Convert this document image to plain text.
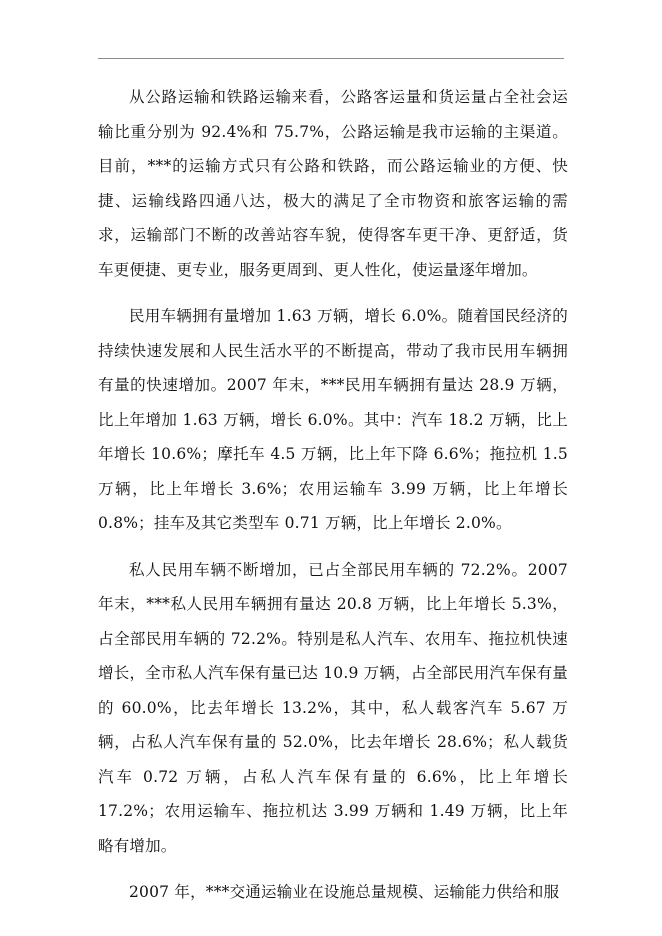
从公路运输和铁路运输来看，公路客运量和货运量占全社会运输比重分别为 92.4%和 75.7%，公路运输是我市运输的主渠道。目前，***的运输方式只有公路和铁路，而公路运输业的方便、快捷、运输线路四通八达，极大的满足了全市物资和旅客运输的需求，运输部门不断的改善站容车貌，使得客车更干净、更舒适，货车更便捷、更专业，服务更周到、更人性化，使运量逐年增加。

民用车辆拥有量增加 1.63 万辆，增长 6.0%。随着国民经济的持续快速发展和人民生活水平的不断提高，带动了我市民用车辆拥有量的快速增加。2007 年末，***民用车辆拥有量达 28.9 万辆，比上年增加 1.63 万辆，增长 6.0%。其中：汽车 18.2 万辆，比上年增长 10.6%；摩托车 4.5 万辆，比上年下降 6.6%；拖拉机 1.5 万辆，比上年增长 3.6%；农用运输车 3.99 万辆，比上年增长 0.8%；挂车及其它类型车 0.71 万辆，比上年增长 2.0%。

私人民用车辆不断增加，已占全部民用车辆的 72.2%。2007 年末，***私人民用车辆拥有量达 20.8 万辆，比上年增长 5.3%，占全部民用车辆的 72.2%。特别是私人汽车、农用车、拖拉机快速增长，全市私人汽车保有量已达 10.9 万辆，占全部民用汽车保有量的 60.0%，比去年增长 13.2%，其中，私人载客汽车 5.67 万辆，占私人汽车保有量的 52.0%，比去年增长 28.6%；私人载货汽车 0.72 万辆，占私人汽车保有量的 6.6%，比上年增长 17.2%；农用运输车、拖拉机达 3.99 万辆和 1.49 万辆，比上年略有增加。

2007 年，***交通运输业在设施总量规模、运输能力供给和服
